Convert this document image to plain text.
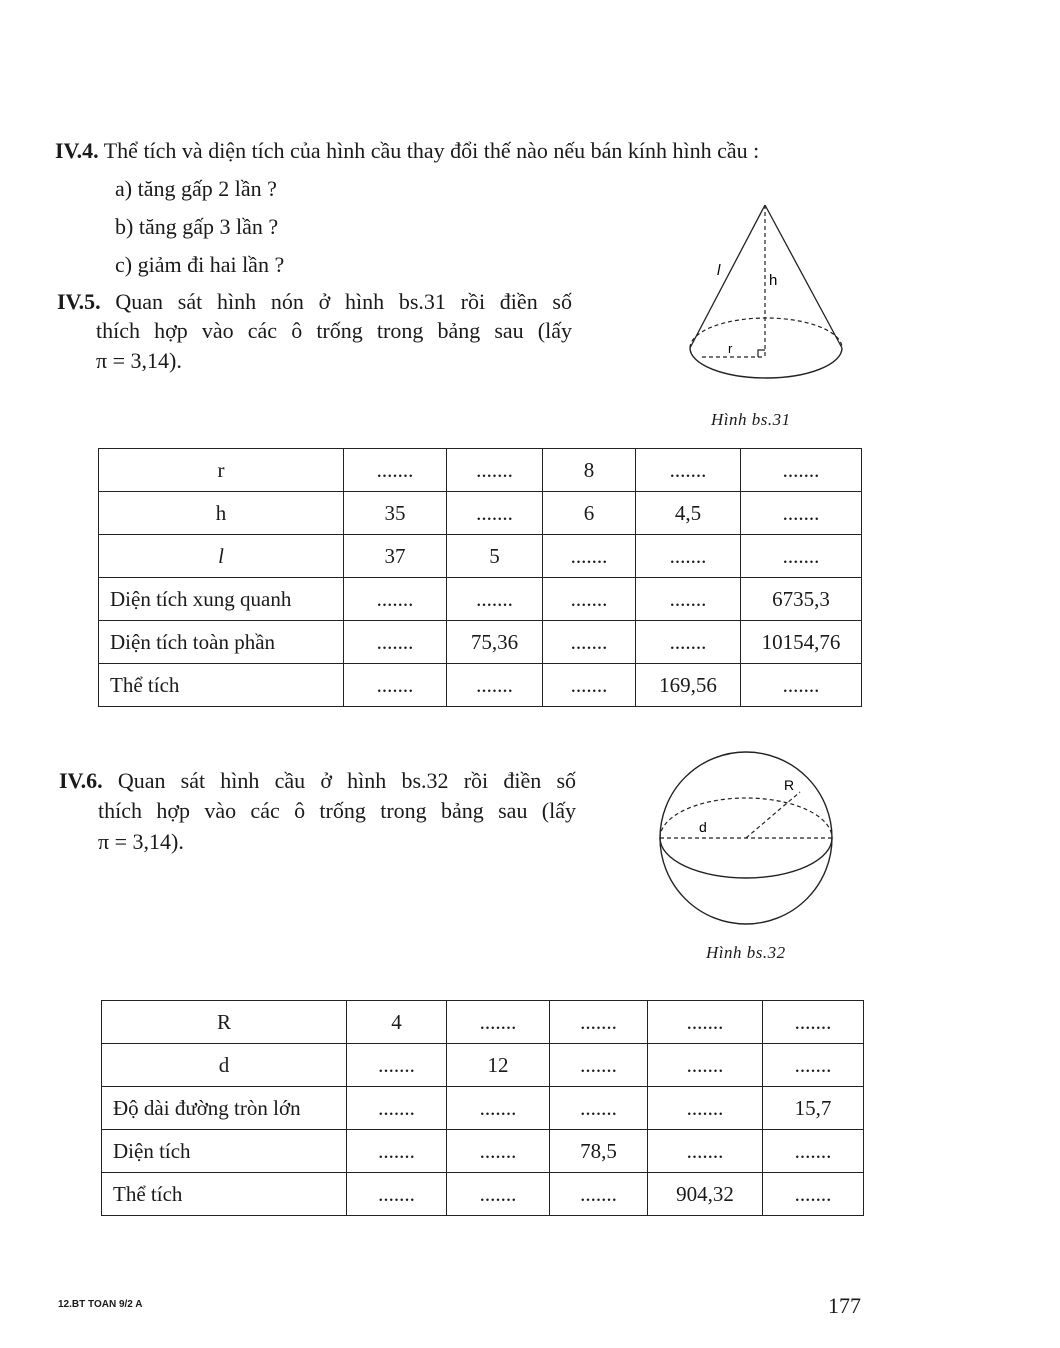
IV.4. Thể tích và diện tích của hình cầu thay đổi thế nào nếu bán kính hình cầu :
a) tăng gấp 2 lần ?
b) tăng gấp 3 lần ?
c) giảm đi hai lần ?
IV.5. Quan sát hình nón ở hình bs.31 rồi điền số
thích hợp vào các ô trống trong bảng sau (lấy
π = 3,14).
l
h
r
Hình bs.31
r	.......	.......	8	.......	.......
h	35	.......	6	4,5	.......
l	37	5	.......	.......	.......
Diện tích xung quanh	.......	.......	.......	.......	6735,3
Diện tích toàn phần	.......	75,36	.......	.......	10154,76
Thể tích	.......	.......	.......	169,56	.......
IV.6. Quan sát hình cầu ở hình bs.32 rồi điền số
thích hợp vào các ô trống trong bảng sau (lấy
π = 3,14).
R
d
Hình bs.32
R	4	.......	.......	.......	.......
d	.......	12	.......	.......	.......
Độ dài đường tròn lớn	.......	.......	.......	.......	15,7
Diện tích	.......	.......	78,5	.......	.......
Thể tích	.......	.......	.......	904,32	.......
12.BT TOAN 9/2 A	177
